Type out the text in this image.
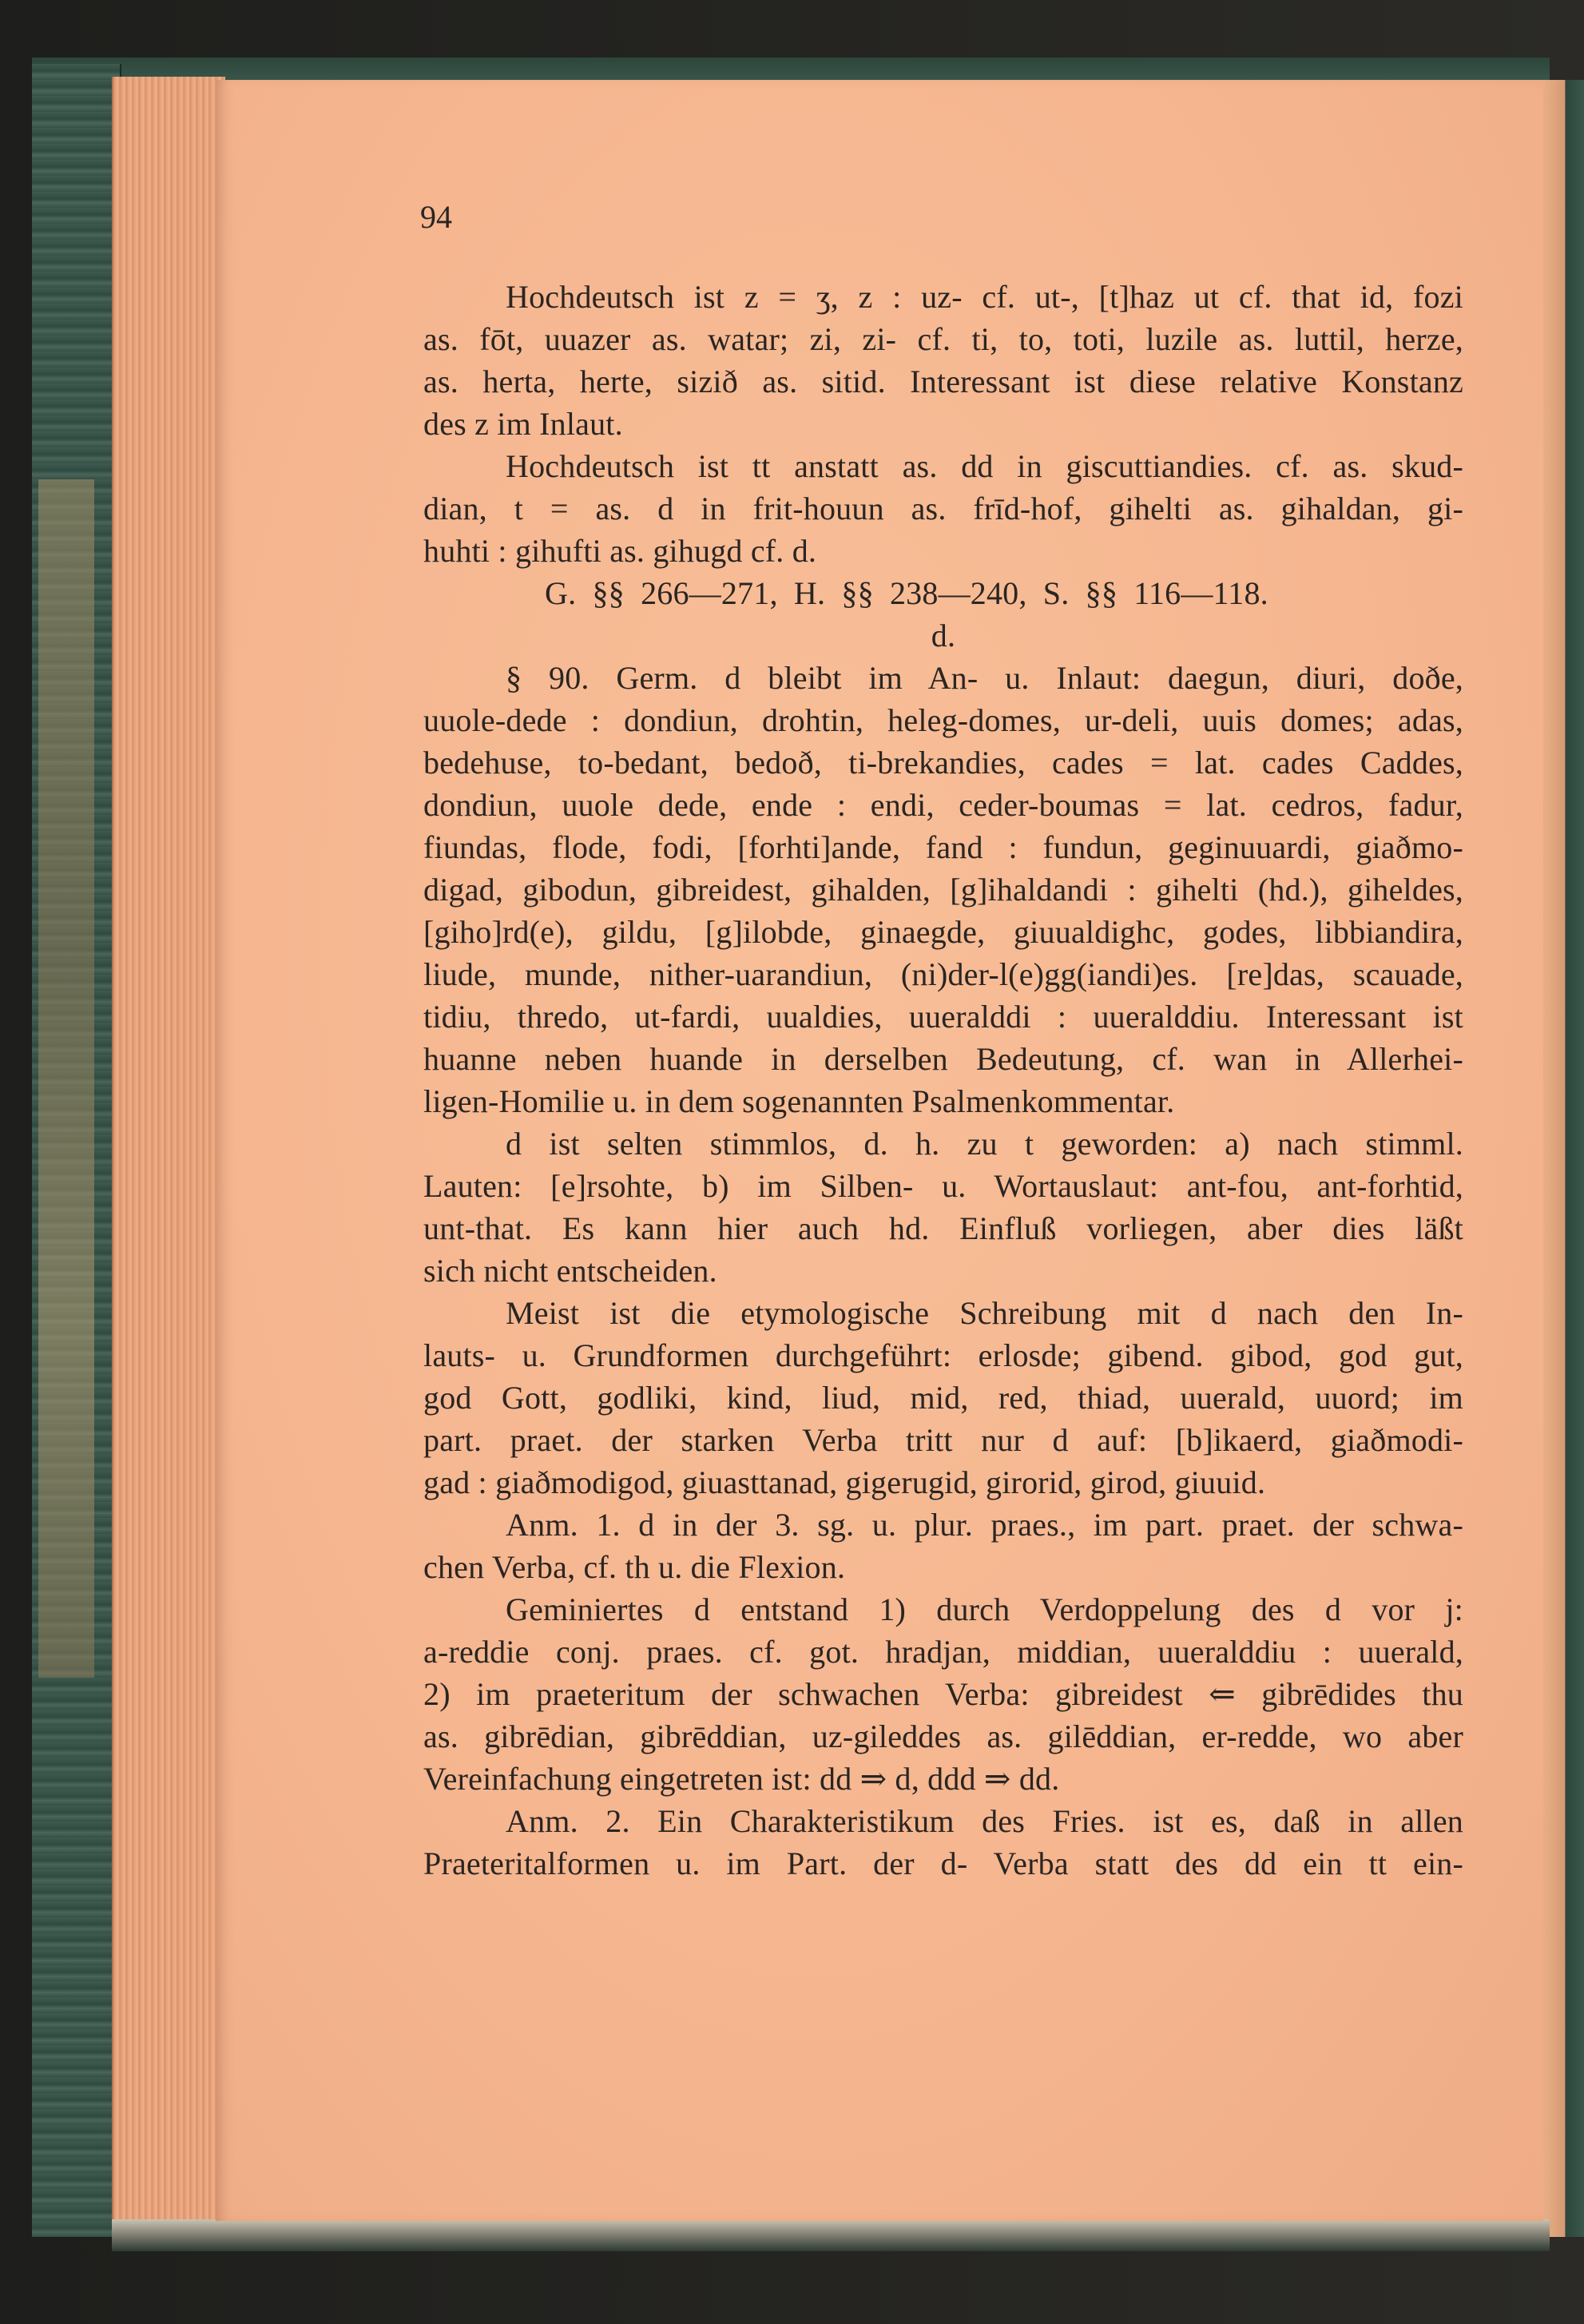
94
Hochdeutsch ist z = ʒ, z : uz- cf. ut-, [t]haz ut cf. that id, fozi
as. fōt, uuazer as. watar; zi, zi- cf. ti, to, toti, luzile as. luttil, herze,
as. herta, herte, sizið as. sitid. Interessant ist diese relative Konstanz
des z im Inlaut.
Hochdeutsch ist tt anstatt as. dd in giscuttiandies. cf. as. skud-
dian, t = as. d in frit-houun as. frīd-hof, gihelti as. gihaldan, gi-
huhti : gihufti as. gihugd cf. d.
G. §§ 266—271, H. §§ 238—240, S. §§ 116—118.
d.
§ 90. Germ. d bleibt im An- u. Inlaut: daegun, diuri, doðe,
uuole-dede : dondiun, drohtin, heleg-domes, ur-deli, uuis domes; adas,
bedehuse, to-bedant, bedoð, ti-brekandies, cades = lat. cades Caddes,
dondiun, uuole dede, ende : endi, ceder-boumas = lat. cedros, fadur,
fiundas, flode, fodi, [forhti]ande, fand : fundun, geginuuardi, giaðmo-
digad, gibodun, gibreidest, gihalden, [g]ihaldandi : gihelti (hd.), giheldes,
[giho]rd(e), gildu, [g]ilobde, ginaegde, giuualdighc, godes, libbiandira,
liude, munde, nither-uarandiun, (ni)der-l(e)gg(iandi)es. [re]das, scauade,
tidiu, thredo, ut-fardi, uualdies, uueralddi : uueralddiu. Interessant ist
huanne neben huande in derselben Bedeutung, cf. wan in Allerhei-
ligen-Homilie u. in dem sogenannten Psalmenkommentar.
d ist selten stimmlos, d. h. zu t geworden: a) nach stimml.
Lauten: [e]rsohte, b) im Silben- u. Wortauslaut: ant-fou, ant-forhtid,
unt-that. Es kann hier auch hd. Einfluß vorliegen, aber dies läßt
sich nicht entscheiden.
Meist ist die etymologische Schreibung mit d nach den In-
lauts- u. Grundformen durchgeführt: erlosde; gibend. gibod, god gut,
god Gott, godliki, kind, liud, mid, red, thiad, uuerald, uuord; im
part. praet. der starken Verba tritt nur d auf: [b]ikaerd, giaðmodi-
gad : giaðmodigod, giuasttanad, gigerugid, girorid, girod, giuuid.
Anm. 1. d in der 3. sg. u. plur. praes., im part. praet. der schwa-
chen Verba, cf. th u. die Flexion.
Geminiertes d entstand 1) durch Verdoppelung des d vor j:
a-reddie conj. praes. cf. got. hradjan, middian, uueralddiu : uuerald,
2) im praeteritum der schwachen Verba: gibreidest ⇐ gibrēdides thu
as. gibrēdian, gibrēddian, uz-gileddes as. gilēddian, er-redde, wo aber
Vereinfachung eingetreten ist: dd ⇒ d, ddd ⇒ dd.
Anm. 2. Ein Charakteristikum des Fries. ist es, daß in allen
Praeteritalformen u. im Part. der d- Verba statt des dd ein tt ein-
